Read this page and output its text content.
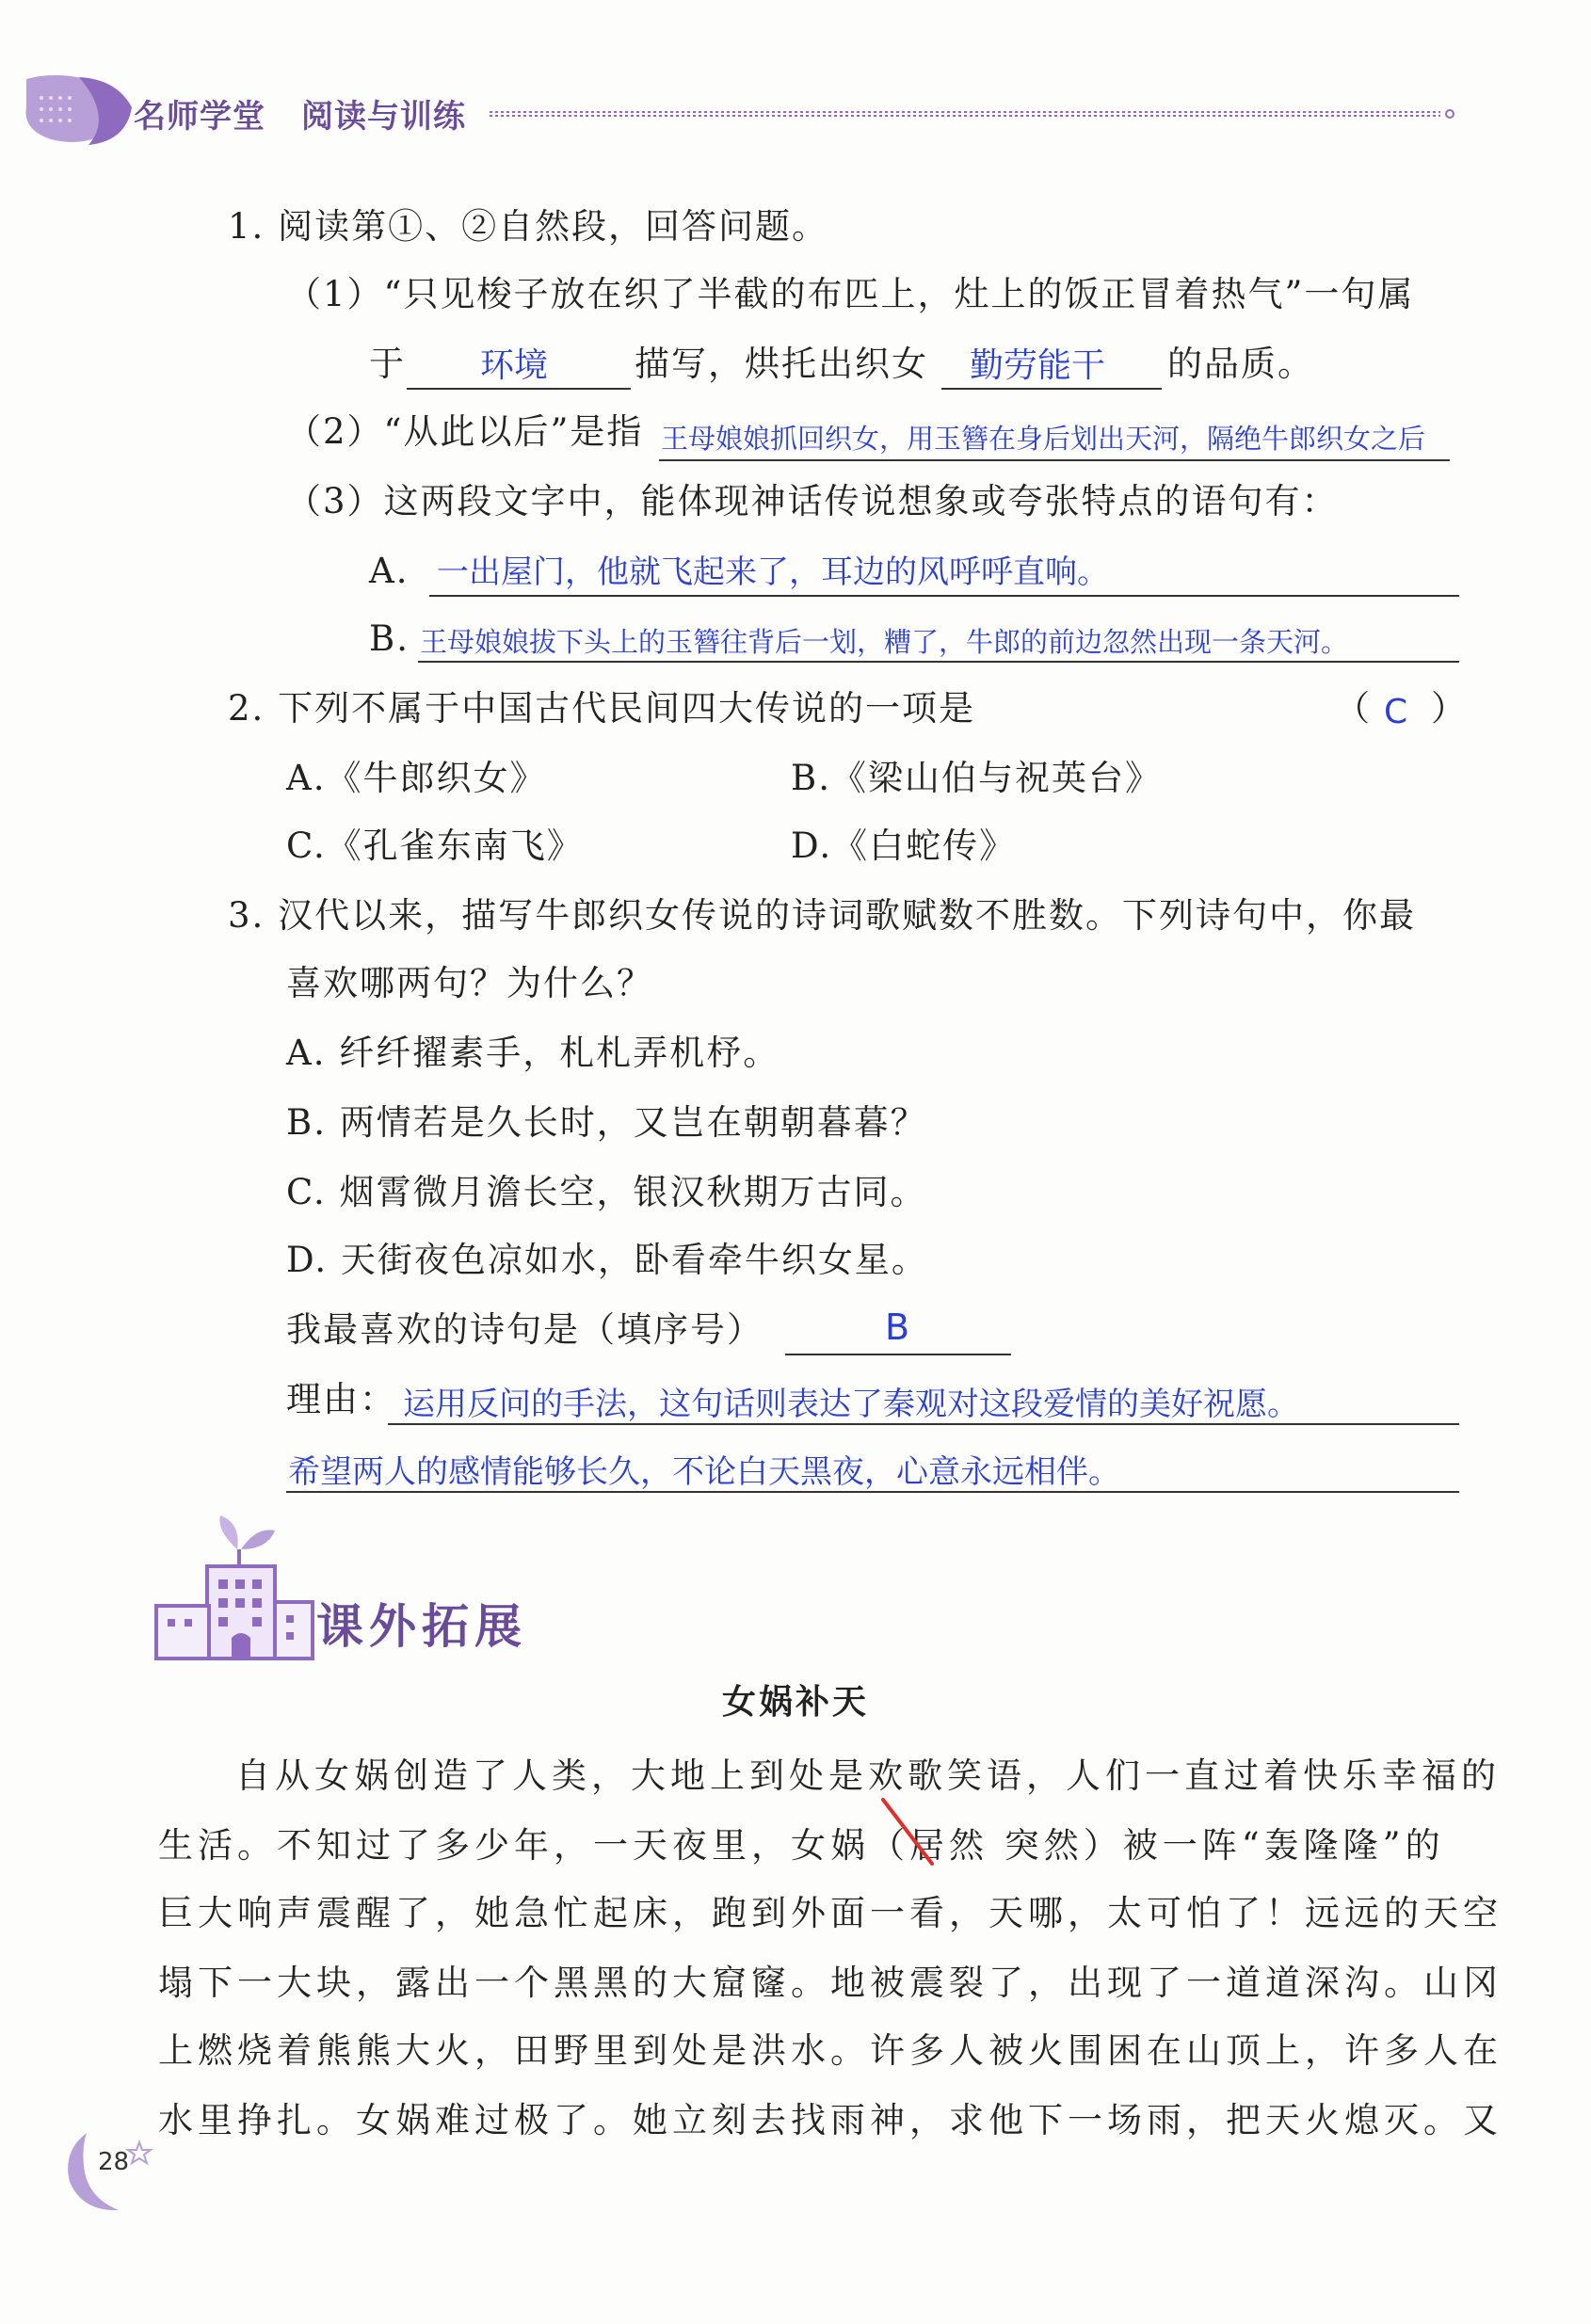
名师学堂 阅读与训练
1. 阅读第①、②自然段，回答问题。
（1）“只见梭子放在织了半截的布匹上，灶上的饭正冒着热气”一句属
于 环境 描写，烘托出织女 勤劳能干 的品质。
（2）“从此以后”是指 王母娘娘抓回织女，用玉簪在身后划出天河，隔绝牛郎织女之后
（3）这两段文字中，能体现神话传说想象或夸张特点的语句有：
A. 一出屋门，他就飞起来了，耳边的风呼呼直响。
B. 王母娘娘拔下头上的玉簪往背后一划，糟了，牛郎的前边忽然出现一条天河。
2. 下列不属于中国古代民间四大传说的一项是	（ C ）
A.《牛郎织女》	B.《梁山伯与祝英台》
C.《孔雀东南飞》	D.《白蛇传》
3. 汉代以来，描写牛郎织女传说的诗词歌赋数不胜数。下列诗句中，你最
喜欢哪两句？为什么？
A. 纤纤擢素手，札札弄机杼。
B. 两情若是久长时，又岂在朝朝暮暮？
C. 烟霄微月澹长空，银汉秋期万古同。
D. 天街夜色凉如水，卧看牵牛织女星。
我最喜欢的诗句是（填序号）	B
理由： 运用反问的手法，这句话则表达了秦观对这段爱情的美好祝愿。
希望两人的感情能够长久，不论白天黑夜，心意永远相伴。
课外拓展
女娲补天
自从女娲创造了人类，大地上到处是欢歌笑语，人们一直过着快乐幸福的
生活。不知过了多少年，一天夜里，女娲（居然 突然）被一阵“轰隆隆”的
巨大响声震醒了，她急忙起床，跑到外面一看，天哪，太可怕了！远远的天空
塌下一大块，露出一个黑黑的大窟窿。地被震裂了，出现了一道道深沟。山冈
上燃烧着熊熊大火，田野里到处是洪水。许多人被火围困在山顶上，许多人在
水里挣扎。女娲难过极了。她立刻去找雨神，求他下一场雨，把天火熄灭。又
28
